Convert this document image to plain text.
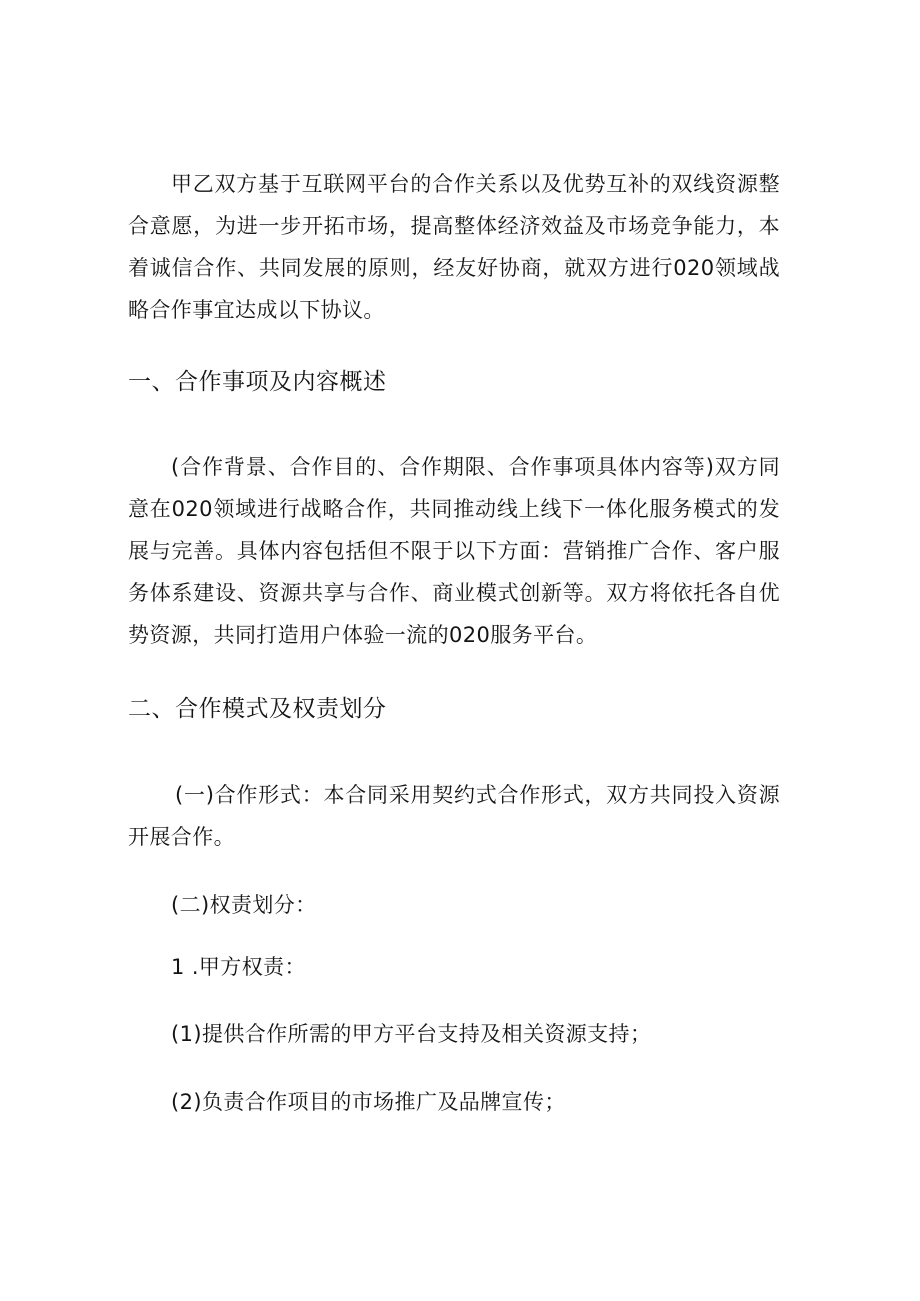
甲乙双方基于互联网平台的合作关系以及优势互补的双线资源整合意愿，为进一步开拓市场，提高整体经济效益及市场竞争能力，本着诚信合作、共同发展的原则，经友好协商，就双方进行020领域战略合作事宜达成以下协议。

一、合作事项及内容概述

(合作背景、合作目的、合作期限、合作事项具体内容等)双方同意在020领域进行战略合作，共同推动线上线下一体化服务模式的发展与完善。具体内容包括但不限于以下方面：营销推广合作、客户服务体系建设、资源共享与合作、商业模式创新等。双方将依托各自优势资源，共同打造用户体验一流的020服务平台。

二、合作模式及权责划分

(一)合作形式：本合同采用契约式合作形式，双方共同投入资源开展合作。

(二)权责划分：

1 .甲方权责：

(1)提供合作所需的甲方平台支持及相关资源支持；

(2)负责合作项目的市场推广及品牌宣传；
